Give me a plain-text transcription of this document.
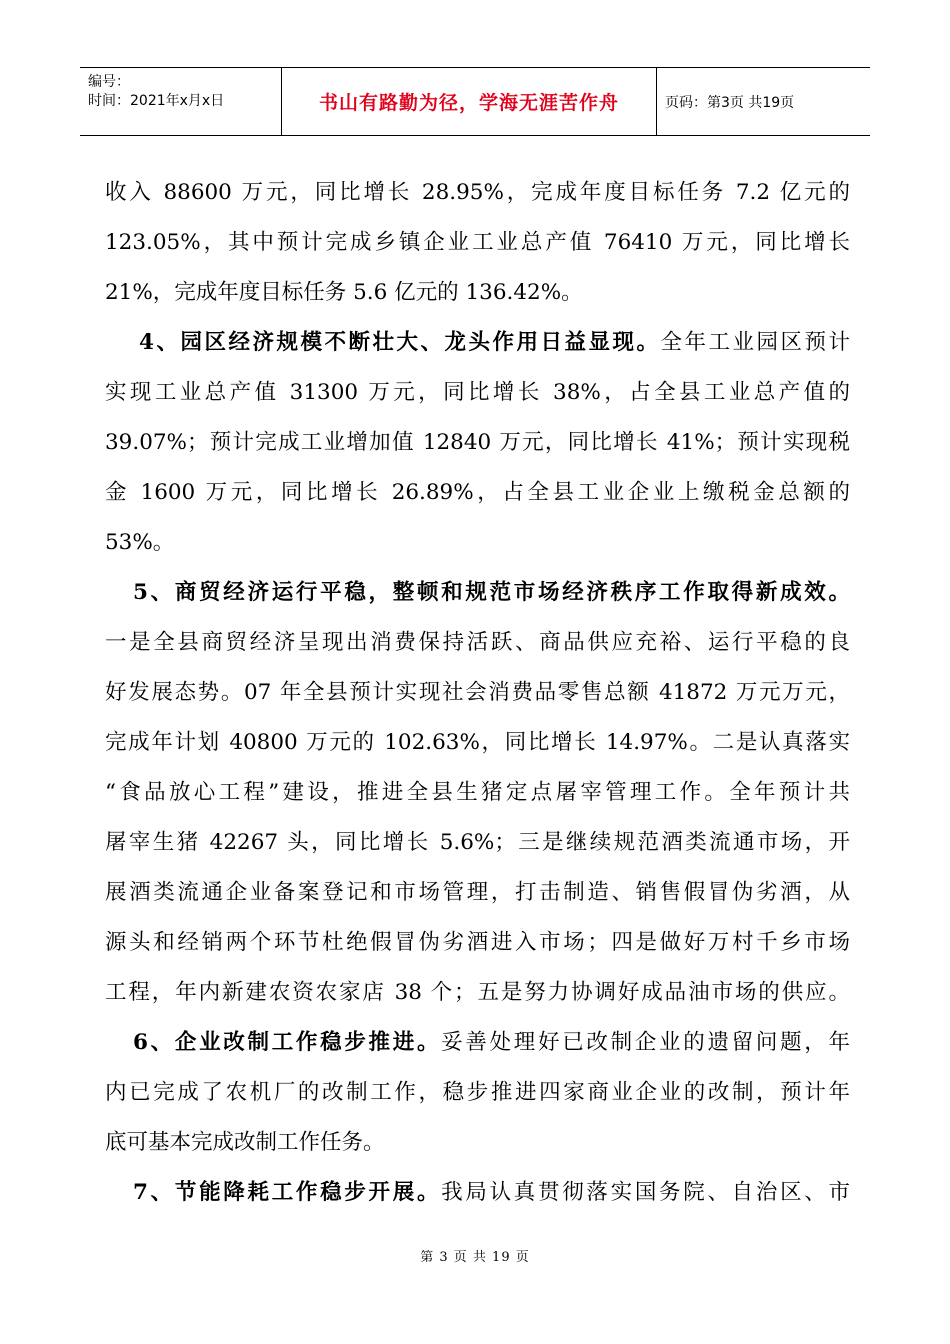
编号：
时间：2021年x月x日	书山有路勤为径，学海无涯苦作舟	页码：第3页 共19页
收入 88600 万元，同比增长 28.95%，完成年度目标任务 7.2 亿元的
123.05%，其中预计完成乡镇企业工业总产值 76410 万元，同比增长
21%，完成年度目标任务 5.6 亿元的 136.42%。
4、园区经济规模不断壮大、龙头作用日益显现。全年工业园区预计
实现工业总产值 31300 万元，同比增长 38%，占全县工业总产值的
39.07%；预计完成工业增加值 12840 万元，同比增长 41%；预计实现税
金 1600 万元，同比增长 26.89%，占全县工业企业上缴税金总额的
53%。
5、商贸经济运行平稳，整顿和规范市场经济秩序工作取得新成效。
一是全县商贸经济呈现出消费保持活跃、商品供应充裕、运行平稳的良
好发展态势。07 年全县预计实现社会消费品零售总额 41872 万元万元，
完成年计划 40800 万元的 102.63%，同比增长 14.97%。二是认真落实
“食品放心工程”建设，推进全县生猪定点屠宰管理工作。全年预计共
屠宰生猪 42267 头，同比增长 5.6%；三是继续规范酒类流通市场，开
展酒类流通企业备案登记和市场管理，打击制造、销售假冒伪劣酒，从
源头和经销两个环节杜绝假冒伪劣酒进入市场；四是做好万村千乡市场
工程，年内新建农资农家店 38 个；五是努力协调好成品油市场的供应。
6、企业改制工作稳步推进。妥善处理好已改制企业的遗留问题，年
内已完成了农机厂的改制工作，稳步推进四家商业企业的改制，预计年
底可基本完成改制工作任务。
7、节能降耗工作稳步开展。我局认真贯彻落实国务院、自治区、市
第 3 页 共 19 页
